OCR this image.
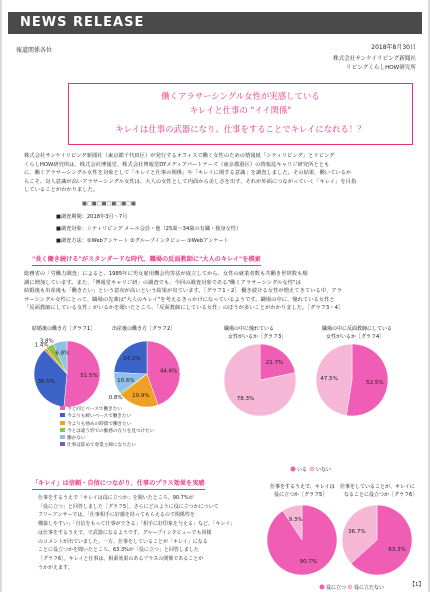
NEWS RELEASE
報道関係各位	2018年8月30日
株式会社サンケイリビング新聞社
リビングくらしHOW研究所
働くアラサーシングル女性が実感している
キレイと仕事の "イイ関係"
キレイは仕事の武器になり、仕事をすることでキレイになれる！？
株式会社サンケイリビング新聞社（東京都千代田区）が発行するオフィスで働く女性のための情報紙「シティリビング」とリビング
くらしHOW研究所は、株式会社博報堂、株式会社博報堂DYメディアパートナーズ（東京都港区）の情報誌キャリジ研究所ととも
に、働くアラサーシングル女性を対象として「キレイと仕事の関係」や「キレイに関する意識」を調査しました。その結果、働いているか
らこそ、対人意識が高いアラサーシングル女性は、大人の女性として内面から美しさを出す、それが外面につながっていく「キレイ」を目指
していることがわかりました。
■□■□■□■□■□■
■調査期間：2018年3月～7月
■調査対象：シティリビング メール会員・他（25歳～34歳の有職・独身女性）
■調査方法：①Webアンケート ②グループインタビュー ③Webアンケート
"長く働き続ける"がスタンダードな時代、職場の反面教師に"大人のキレイ"を模索
総務省の「労働力調査」によると、1985年に男女雇用機会均等法が成立してから、女性の就業者数も共働き世帯数も順
調に増加しています。また、「博報堂キャリジ研」の調査でも、今回の調査対象である"働くアラサーシングル女性"は
結婚後も出産後も「働きたい」という意向が高いという結果が出ています。［グラフ1・2］ 働き続ける女性が増えてきている中、アラ
サーシングル女性にとって、職場の先輩は"大人のキレイ"を考えるきっかけになっているようです。職場の中に、憧れている女性と
「反面教師にしている女性」がいるかを聞いたところ、「反面教師にしている女性」のほうが多いことがわかりました。［グラフ3・4］
結婚後の働き方［グラフ1］
51.5%
36.5%
1.4%
3.8%
6.8%
出産後の働き方［グラフ2］
44.6%
19.9%
0.8%
10.6%
24.2%
職場の中に憧れている
女性がいるか［グラフ3］
21.7%
78.3%
職場の中に反面教師にしている
女性がいるか［グラフ4］
52.5%
47.5%
いる いない
今と同じペースで働きたい
今よりも緩いペースで働きたい
今よりも強めの時間で働きたい
今とは違う形での勤務の在りを見つけたい
働かない
仕事は辞めて専業主婦になりたい
「キレイ」は信頼・自信につながり、仕事のプラス効果を実感
仕事をするうえで「キレイは役に立つか」を聞いたところ、90.7%が
「役に立つ」と回答しました［グラフ5］。さらにどのように役に立つかについて
フリーアンサーでは、「仕事相手に好感を持ってもらえるので関係性を
構築しやすい」「自信をもって仕事ができる」「相手に好印象を与える」など、「キレイ」
は仕事をするうえで、で武器になるようです。グループインタビューでも同様
のコメントが出ていました。一方、仕事をしていることが「キレイ」になる
ことに役立つかを聞いたところ、63.3%が「役に立つ」と回答しました
［グラフ6］。キレイと仕事は、相乗効果のあるプラスの関係であることが
うかがえます。
仕事をするうえで、キレイは
役に立つか［グラフ5］
90.7%
9.3%
仕事をしていることが、キレイに
なることに役立つか［グラフ6］
63.3%
36.7%
役に立つ 役に立たない	【1】
